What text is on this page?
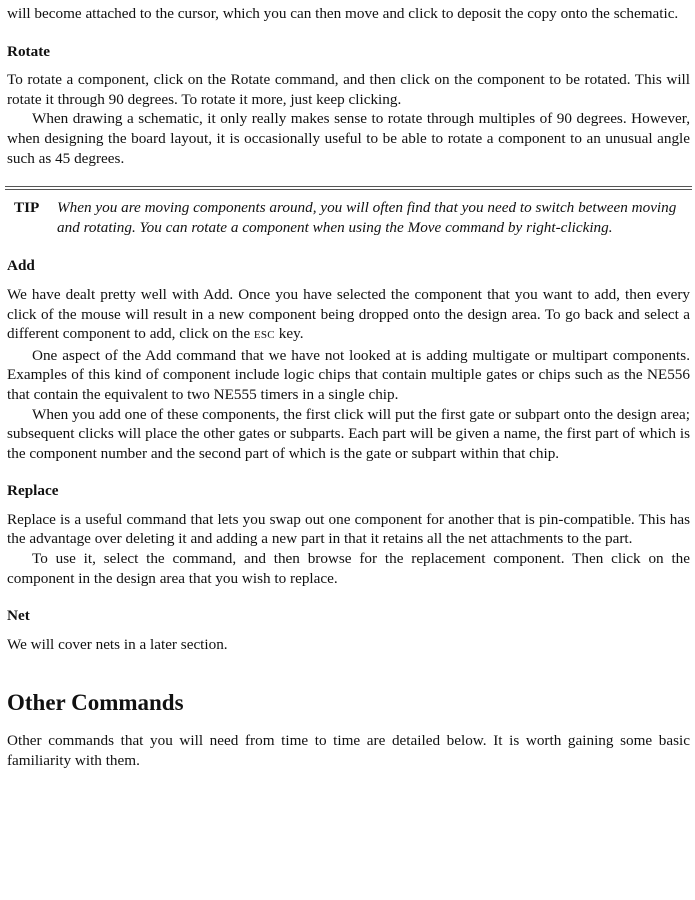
will become attached to the cursor, which you can then move and click to deposit the copy onto the schematic.

Rotate

To rotate a component, click on the Rotate command, and then click on the component to be rotated. This will rotate it through 90 degrees. To rotate it more, just keep clicking.

When drawing a schematic, it only really makes sense to rotate through multiples of 90 degrees. However, when designing the board layout, it is occasionally useful to be able to rotate a component to an unusual angle such as 45 degrees.

TIP	When you are moving components around, you will often find that you need to switch between moving and rotating. You can rotate a component when using the Move command by right-clicking.
Add

We have dealt pretty well with Add. Once you have selected the component that you want to add, then every click of the mouse will result in a new component being dropped onto the design area. To go back and select a different component to add, click on the ESC key.

One aspect of the Add command that we have not looked at is adding multigate or multipart components. Examples of this kind of component include logic chips that contain multiple gates or chips such as the NE556 that contain the equivalent to two NE555 timers in a single chip.

When you add one of these components, the first click will put the first gate or subpart onto the design area; subsequent clicks will place the other gates or subparts. Each part will be given a name, the first part of which is the component number and the second part of which is the gate or subpart within that chip.

Replace

Replace is a useful command that lets you swap out one component for another that is pin-compatible. This has the advantage over deleting it and adding a new part in that it retains all the net attachments to the part.

To use it, select the command, and then browse for the replacement component. Then click on the component in the design area that you wish to replace.

Net

We will cover nets in a later section.

Other Commands

Other commands that you will need from time to time are detailed below. It is worth gaining some basic familiarity with them.
